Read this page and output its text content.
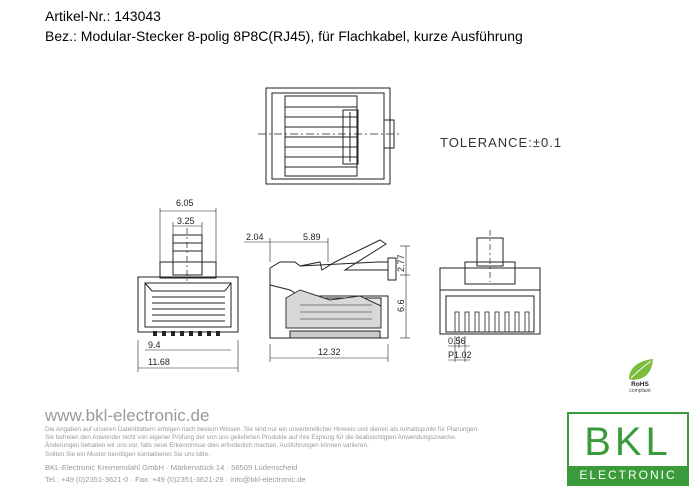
Artikel-Nr.: 143043
Bez.: Modular-Stecker 8-polig 8P8C(RJ45), für Flachkabel, kurze Ausführung
TOLERANCE:±0.1
6.05
3.25
9.4
11.68
2.04	5.89
2.77
6.6
12.32
0.56
P1.02
RoHS
compliant
www.bkl-electronic.de
Die Angaben auf unseren Datenblättern erfolgen nach bestem Wissen. Sie sind nur ein unverbindlicher Hinweis und dienen als Anhaltspunkt für Planungen.
Sie befreien den Anwender nicht von eigener Prüfung der von uns gelieferten Produkte auf ihre Eignung für die beabsichtigten Anwendungszwecke.
Änderungen behalten wir uns vor, falls neue Erkenntnisse dies erforderlich machen. Ausführungen können variieren.
Sollten Sie ein Muster benötigen kontaktieren Sie uns bitte.
BKL-Electronic Kreimendahl GmbH · Märkenstück 14 · 58509 Lüdenscheid
Tel.: +49 (0)2351-3621-0 · Fax: +49 (0)2351-3621-29 · info@bkl-electronic.de
BKL
ELECTRONIC
